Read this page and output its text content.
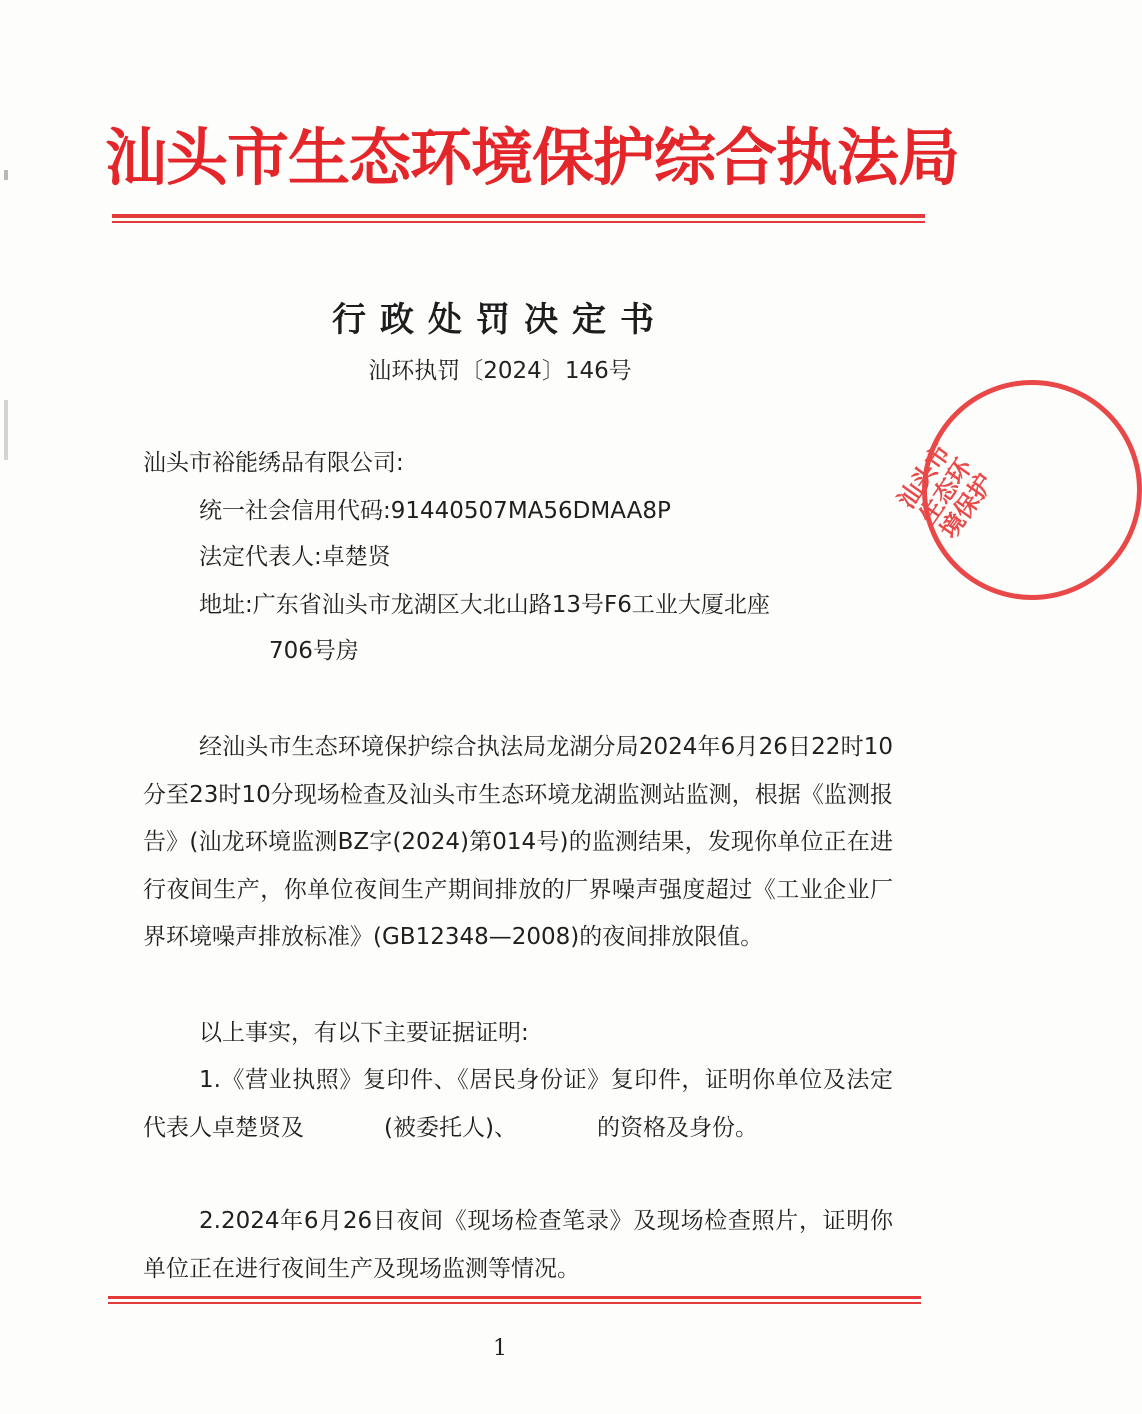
汕头市生态环境保护综合执法局
行政处罚决定书
汕环执罚〔2024〕146号
汕头市裕能绣品有限公司:
统一社会信用代码:91440507MA56DMAA8P
法定代表人:卓楚贤
地址:广东省汕头市龙湖区大北山路13号F6工业大厦北座
706号房
经汕头市生态环境保护综合执法局龙湖分局2024年6月26日22时10分至23时10分现场检查及汕头市生态环境龙湖监测站监测，根据《监测报告》(汕龙环境监测BZ字(2024)第014号)的监测结果，发现你单位正在进行夜间生产，你单位夜间生产期间排放的厂界噪声强度超过《工业企业厂界环境噪声排放标准》(GB12348—2008)的夜间排放限值。
以上事实，有以下主要证据证明:
1.《营业执照》复印件、《居民身份证》复印件，证明你单位及法定代表人卓楚贤及　　	(被委托人)、　　	的资格及身份。
2.2024年6月26日夜间《现场检查笔录》及现场检查照片，证明你单位正在进行夜间生产及现场监测等情况。
1
汕头市生态环境保护
